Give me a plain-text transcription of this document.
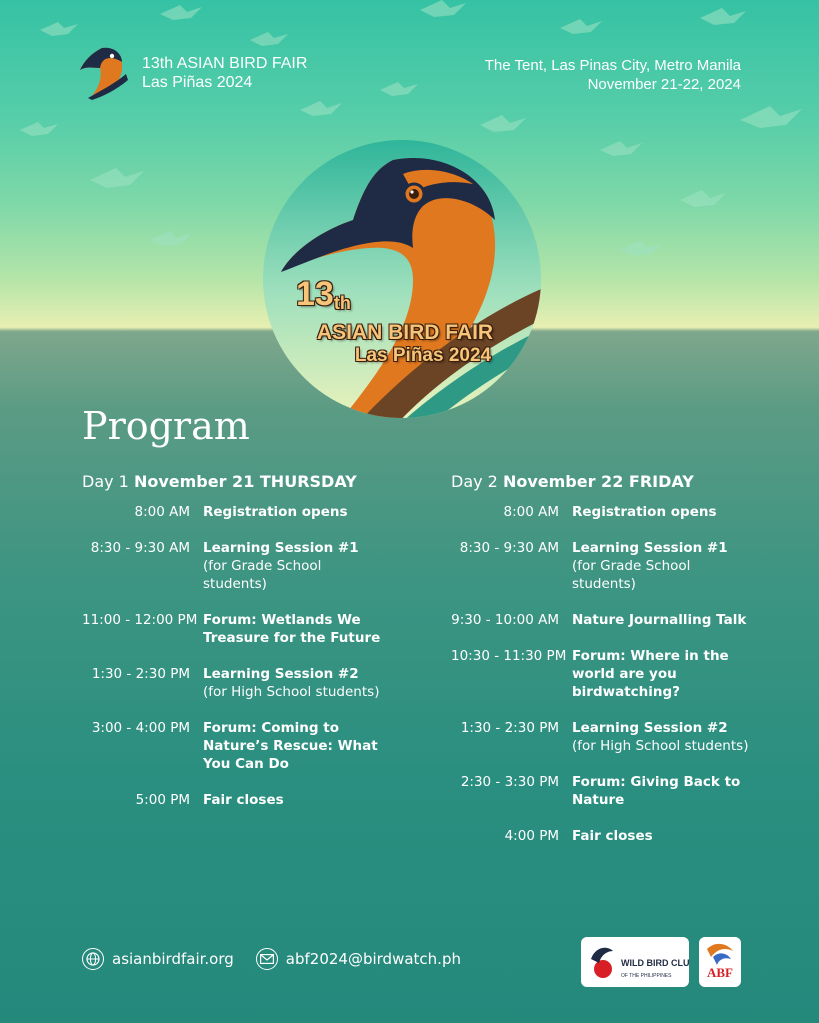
13th ASIAN BIRD FAIR
Las Piñas 2024
The Tent, Las Pinas City, Metro Manila
November 21-22, 2024
13th
ASIAN BIRD FAIR
Las Piñas 2024
Program
Day 1 November 21 THURSDAY
8:00 AM Registration opens
8:30 - 9:30 AM Learning Session #1
(for Grade School students)
11:00 - 12:00 PM Forum: Wetlands We Treasure for the Future
1:30 - 2:30 PM Learning Session #2
(for High School students)
3:00 - 4:00 PM Forum: Coming to Nature’s Rescue: What You Can Do
5:00 PM Fair closes
Day 2 November 22 FRIDAY
8:00 AM Registration opens
8:30 - 9:30 AM Learning Session #1
(for Grade School students)
9:30 - 10:00 AM Nature Journalling Talk
10:30 - 11:30 PM Forum: Where in the world are you birdwatching?
1:30 - 2:30 PM Learning Session #2
(for High School students)
2:30 - 3:30 PM Forum: Giving Back to Nature
4:00 PM Fair closes
asianbirdfair.org	abf2024@birdwatch.ph	WILD BIRD CLUB
OF THE PHILIPPINES	ABF
